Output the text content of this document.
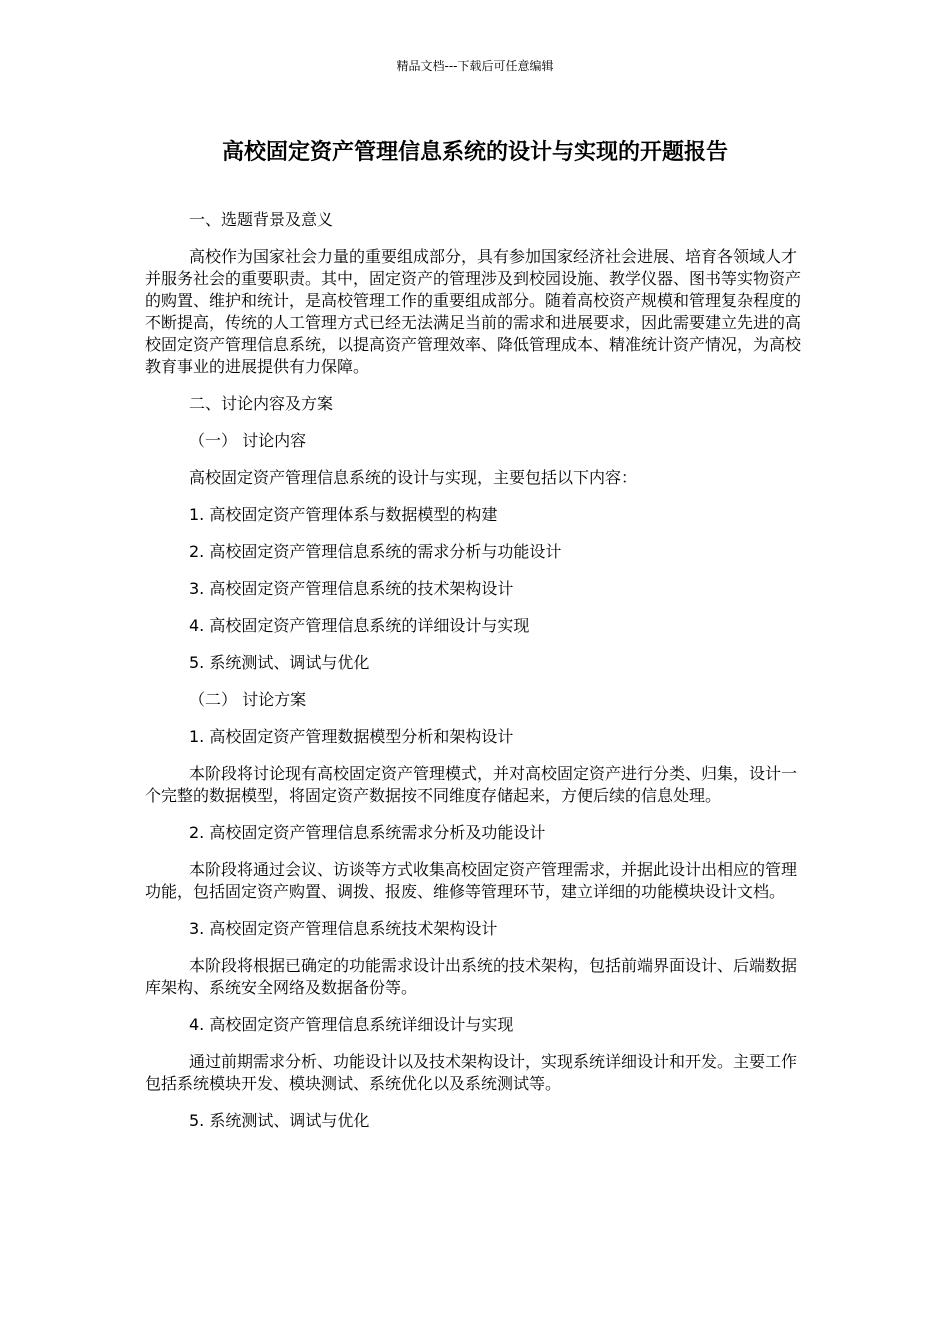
精品文档---下载后可任意编辑
高校固定资产管理信息系统的设计与实现的开题报告

一、选题背景及意义

高校作为国家社会力量的重要组成部分，具有参加国家经济社会进展、培育各领域人才并服务社会的重要职责。其中，固定资产的管理涉及到校园设施、教学仪器、图书等实物资产的购置、维护和统计，是高校管理工作的重要组成部分。随着高校资产规模和管理复杂程度的不断提高，传统的人工管理方式已经无法满足当前的需求和进展要求，因此需要建立先进的高校固定资产管理信息系统，以提高资产管理效率、降低管理成本、精准统计资产情况，为高校教育事业的进展提供有力保障。

二、讨论内容及方案

（一） 讨论内容

高校固定资产管理信息系统的设计与实现，主要包括以下内容：

1. 高校固定资产管理体系与数据模型的构建

2. 高校固定资产管理信息系统的需求分析与功能设计

3. 高校固定资产管理信息系统的技术架构设计

4. 高校固定资产管理信息系统的详细设计与实现

5. 系统测试、调试与优化

（二） 讨论方案

1. 高校固定资产管理数据模型分析和架构设计

本阶段将讨论现有高校固定资产管理模式，并对高校固定资产进行分类、归集，设计一个完整的数据模型，将固定资产数据按不同维度存储起来，方便后续的信息处理。

2. 高校固定资产管理信息系统需求分析及功能设计

本阶段将通过会议、访谈等方式收集高校固定资产管理需求，并据此设计出相应的管理功能，包括固定资产购置、调拨、报废、维修等管理环节，建立详细的功能模块设计文档。

3. 高校固定资产管理信息系统技术架构设计

本阶段将根据已确定的功能需求设计出系统的技术架构，包括前端界面设计、后端数据库架构、系统安全网络及数据备份等。

4. 高校固定资产管理信息系统详细设计与实现

通过前期需求分析、功能设计以及技术架构设计，实现系统详细设计和开发。主要工作包括系统模块开发、模块测试、系统优化以及系统测试等。

5. 系统测试、调试与优化
